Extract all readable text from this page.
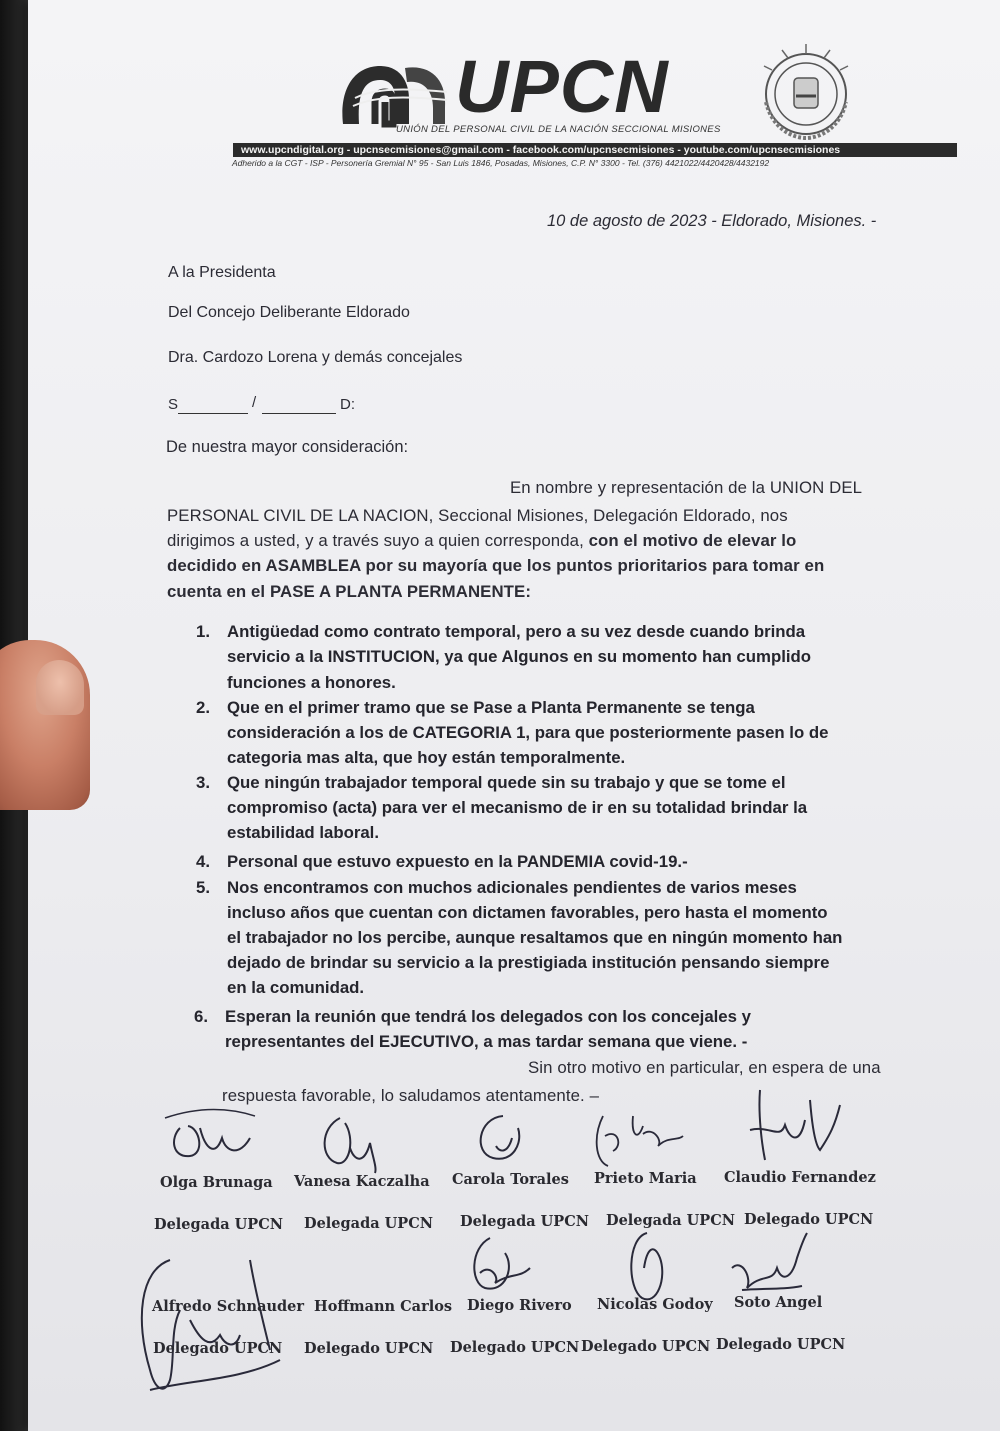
UPCN
UNIÓN DEL PERSONAL CIVIL DE LA NACIÓN SECCIONAL MISIONES
www.upcndigital.org - upcnsecmisiones@gmail.com - facebook.com/upcnsecmisiones - youtube.com/upcnsecmisiones
Adherido a la CGT - ISP - Personería Gremial N° 95 - San Luis 1846, Posadas, Misiones, C.P. N° 3300 - Tel. (376) 4421022/4420428/4432192
10 de agosto de 2023 - Eldorado, Misiones. -
A la Presidenta
Del Concejo Deliberante Eldorado
Dra. Cardozo Lorena y demás concejales
S	/	D:
De nuestra mayor consideración:
En nombre y representación de la UNION DEL
PERSONAL CIVIL DE LA NACION, Seccional Misiones, Delegación Eldorado, nos
dirigimos a usted, y a través suyo a quien corresponda, con el motivo de elevar lo
decidido en ASAMBLEA por su mayoría que los puntos prioritarios para tomar en
cuenta en el PASE A PLANTA PERMANENTE:
1. Antigüedad como contrato temporal, pero a su vez desde cuando brinda
servicio a la INSTITUCION, ya que Algunos en su momento han cumplido
funciones a honores.
2. Que en el primer tramo que se Pase a Planta Permanente se tenga
consideración a los de CATEGORIA 1, para que posteriormente pasen lo de
categoria mas alta, que hoy están temporalmente.
3. Que ningún trabajador temporal quede sin su trabajo y que se tome el
compromiso (acta) para ver el mecanismo de ir en su totalidad brindar la
estabilidad laboral.
4. Personal que estuvo expuesto en la PANDEMIA covid-19.-
5. Nos encontramos con muchos adicionales pendientes de varios meses
incluso años que cuentan con dictamen favorables, pero hasta el momento
el trabajador no los percibe, aunque resaltamos que en ningún momento han
dejado de brindar su servicio a la prestigiada institución pensando siempre
en la comunidad.
6. Esperan la reunión que tendrá los delegados con los concejales y
representantes del EJECUTIVO, a mas tardar semana que viene. -
Sin otro motivo en particular, en espera de una
respuesta favorable, lo saludamos atentamente. –
Olga Brunaga Vanesa Kaczalha Carola Torales Prieto Maria Claudio Fernandez
Delegada UPCN Delegada UPCN Delegada UPCN Delegada UPCN Delegado UPCN
Alfredo Schnauder Hoffmann Carlos Diego Rivero Nicolas Godoy Soto Angel
Delegado UPCN Delegado UPCN Delegado UPCN Delegado UPCN Delegado UPCN
